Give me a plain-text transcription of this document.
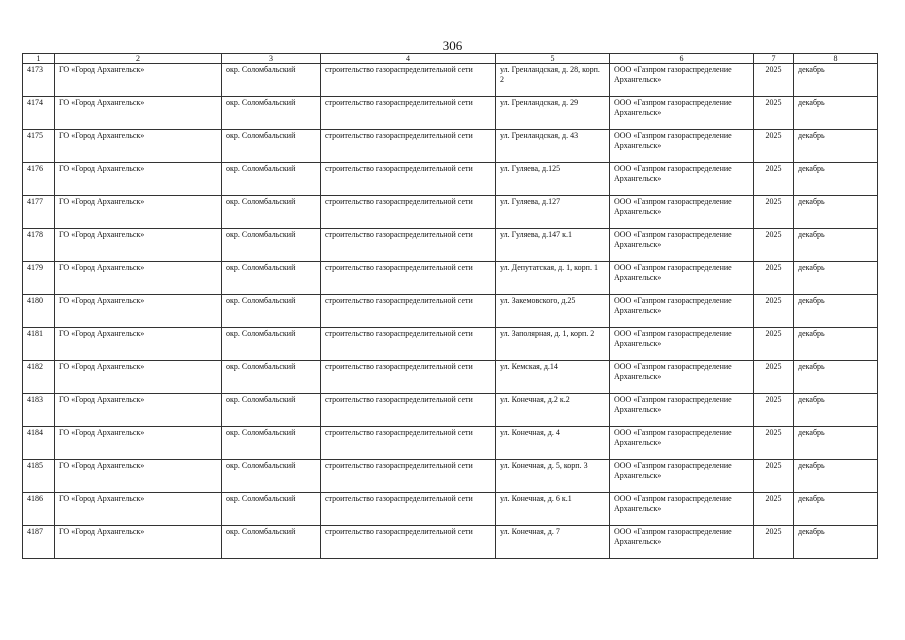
306
1	2	3	4	5	6	7	8
4173	ГО «Город Архангельск»	окр. Соломбальский	строительство газораспределительной сети	ул. Гренландская, д. 28, корп. 2	ООО «Газпром газораспределение Архангельск»	2025	декабрь
4174	ГО «Город Архангельск»	окр. Соломбальский	строительство газораспределительной сети	ул. Гренландская, д. 29	ООО «Газпром газораспределение Архангельск»	2025	декабрь
4175	ГО «Город Архангельск»	окр. Соломбальский	строительство газораспределительной сети	ул. Гренландская, д. 43	ООО «Газпром газораспределение Архангельск»	2025	декабрь
4176	ГО «Город Архангельск»	окр. Соломбальский	строительство газораспределительной сети	ул. Гуляева, д.125	ООО «Газпром газораспределение Архангельск»	2025	декабрь
4177	ГО «Город Архангельск»	окр. Соломбальский	строительство газораспределительной сети	ул. Гуляева, д.127	ООО «Газпром газораспределение Архангельск»	2025	декабрь
4178	ГО «Город Архангельск»	окр. Соломбальский	строительство газораспределительной сети	ул. Гуляева, д.147 к.1	ООО «Газпром газораспределение Архангельск»	2025	декабрь
4179	ГО «Город Архангельск»	окр. Соломбальский	строительство газораспределительной сети	ул. Депутатская, д. 1, корп. 1	ООО «Газпром газораспределение Архангельск»	2025	декабрь
4180	ГО «Город Архангельск»	окр. Соломбальский	строительство газораспределительной сети	ул. Закемовского, д.25	ООО «Газпром газораспределение Архангельск»	2025	декабрь
4181	ГО «Город Архангельск»	окр. Соломбальский	строительство газораспределительной сети	ул. Заполярная, д. 1, корп. 2	ООО «Газпром газораспределение Архангельск»	2025	декабрь
4182	ГО «Город Архангельск»	окр. Соломбальский	строительство газораспределительной сети	ул. Кемская, д.14	ООО «Газпром газораспределение Архангельск»	2025	декабрь
4183	ГО «Город Архангельск»	окр. Соломбальский	строительство газораспределительной сети	ул. Конечная, д.2 к.2	ООО «Газпром газораспределение Архангельск»	2025	декабрь
4184	ГО «Город Архангельск»	окр. Соломбальский	строительство газораспределительной сети	ул. Конечная, д. 4	ООО «Газпром газораспределение Архангельск»	2025	декабрь
4185	ГО «Город Архангельск»	окр. Соломбальский	строительство газораспределительной сети	ул. Конечная, д. 5, корп. 3	ООО «Газпром газораспределение Архангельск»	2025	декабрь
4186	ГО «Город Архангельск»	окр. Соломбальский	строительство газораспределительной сети	ул. Конечная, д. 6 к.1	ООО «Газпром газораспределение Архангельск»	2025	декабрь
4187	ГО «Город Архангельск»	окр. Соломбальский	строительство газораспределительной сети	ул. Конечная, д. 7	ООО «Газпром газораспределение Архангельск»	2025	декабрь
